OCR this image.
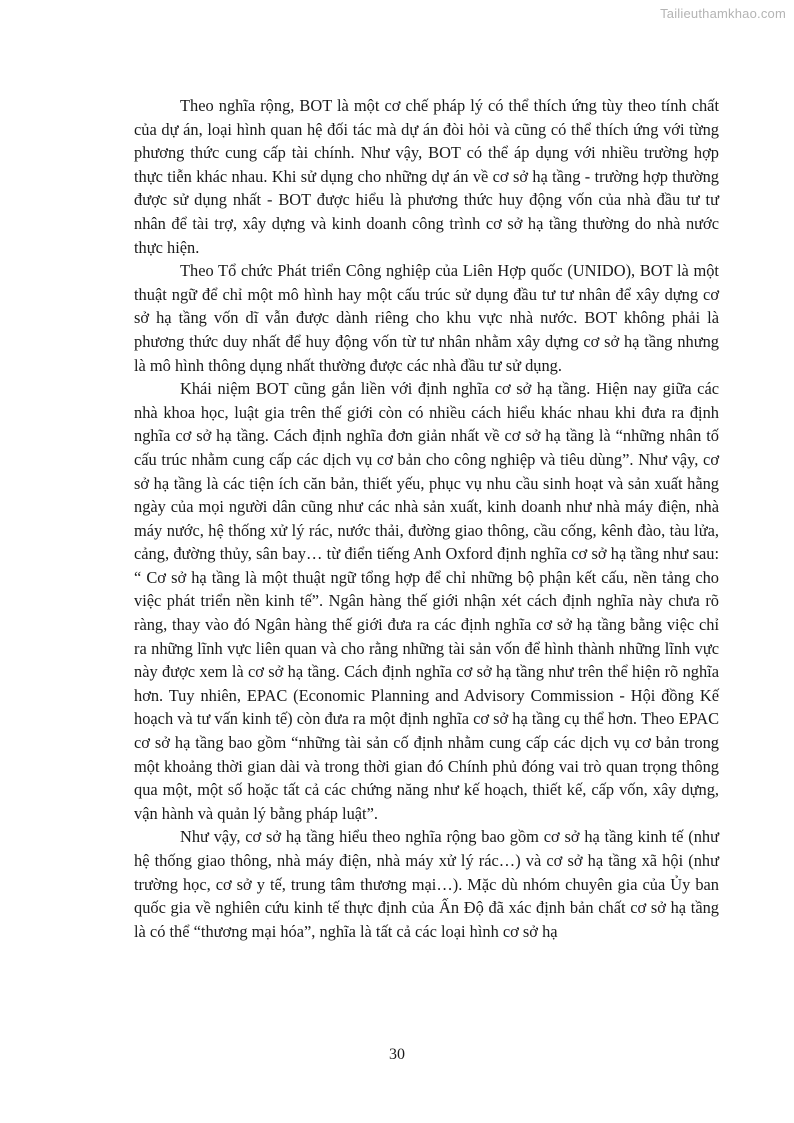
Tailieuthamkhao.com

Theo nghĩa rộng, BOT là một cơ chế pháp lý có thể thích ứng tùy theo tính chất của dự án, loại hình quan hệ đối tác mà dự án đòi hỏi và cũng có thể thích ứng với từng phương thức cung cấp tài chính. Như vậy, BOT có thể áp dụng với nhiều trường hợp thực tiễn khác nhau. Khi sử dụng cho những dự án về cơ sở hạ tầng - trường hợp thường được sử dụng nhất - BOT được hiểu là phương thức huy động vốn của nhà đầu tư tư nhân để tài trợ, xây dựng và kinh doanh công trình cơ sở hạ tầng thường do nhà nước thực hiện.

Theo Tổ chức Phát triển Công nghiệp của Liên Hợp quốc (UNIDO), BOT là một thuật ngữ để chỉ một mô hình hay một cấu trúc sử dụng đầu tư tư nhân để xây dựng cơ sở hạ tầng vốn dĩ vẫn được dành riêng cho khu vực nhà nước. BOT không phải là phương thức duy nhất để huy động vốn từ tư nhân nhằm xây dựng cơ sở hạ tầng nhưng là mô hình thông dụng nhất thường được các nhà đầu tư sử dụng.

Khái niệm BOT cũng gắn liền với định nghĩa cơ sở hạ tầng. Hiện nay giữa các nhà khoa học, luật gia trên thế giới còn có nhiều cách hiểu khác nhau khi đưa ra định nghĩa cơ sở hạ tầng. Cách định nghĩa đơn giản nhất về cơ sở hạ tầng là “những nhân tố cấu trúc nhằm cung cấp các dịch vụ cơ bản cho công nghiệp và tiêu dùng”. Như vậy, cơ sở hạ tầng là các tiện ích căn bản, thiết yếu, phục vụ nhu cầu sinh hoạt và sản xuất hằng ngày của mọi người dân cũng như các nhà sản xuất, kinh doanh như nhà máy điện, nhà máy nước, hệ thống xử lý rác, nước thải, đường giao thông, cầu cống, kênh đào, tàu lửa, cảng, đường thủy, sân bay… từ điển tiếng Anh Oxford định nghĩa cơ sở hạ tầng như sau: “ Cơ sở hạ tầng là một thuật ngữ tổng hợp để chỉ những bộ phận kết cấu, nền tảng cho việc phát triển nền kinh tế”. Ngân hàng thế giới nhận xét cách định nghĩa này chưa rõ ràng, thay vào đó Ngân hàng thế giới đưa ra các định nghĩa cơ sở hạ tầng bằng việc chỉ ra những lĩnh vực liên quan và cho rằng những tài sản vốn để hình thành những lĩnh vực này được xem là cơ sở hạ tầng. Cách định nghĩa cơ sở hạ tầng như trên thể hiện rõ nghĩa hơn. Tuy nhiên, EPAC (Economic Planning and Advisory Commission - Hội đồng Kế hoạch và tư vấn kinh tế) còn đưa ra một định nghĩa cơ sở hạ tầng cụ thể hơn. Theo EPAC cơ sở hạ tầng bao gồm “những tài sản cố định nhằm cung cấp các dịch vụ cơ bản trong một khoảng thời gian dài và trong thời gian đó Chính phủ đóng vai trò quan trọng thông qua một, một số hoặc tất cả các chứng năng như kế hoạch, thiết kế, cấp vốn, xây dựng, vận hành và quản lý bằng pháp luật”.

Như vậy, cơ sở hạ tầng hiểu theo nghĩa rộng bao gồm cơ sở hạ tầng kinh tế (như hệ thống giao thông, nhà máy điện, nhà máy xử lý rác…) và cơ sở hạ tầng xã hội (như trường học, cơ sở y tế, trung tâm thương mại…). Mặc dù nhóm chuyên gia của Ủy ban quốc gia về nghiên cứu kinh tế thực định của Ấn Độ đã xác định bản chất cơ sở hạ tầng là có thể “thương mại hóa”, nghĩa là tất cả các loại hình cơ sở hạ

30
